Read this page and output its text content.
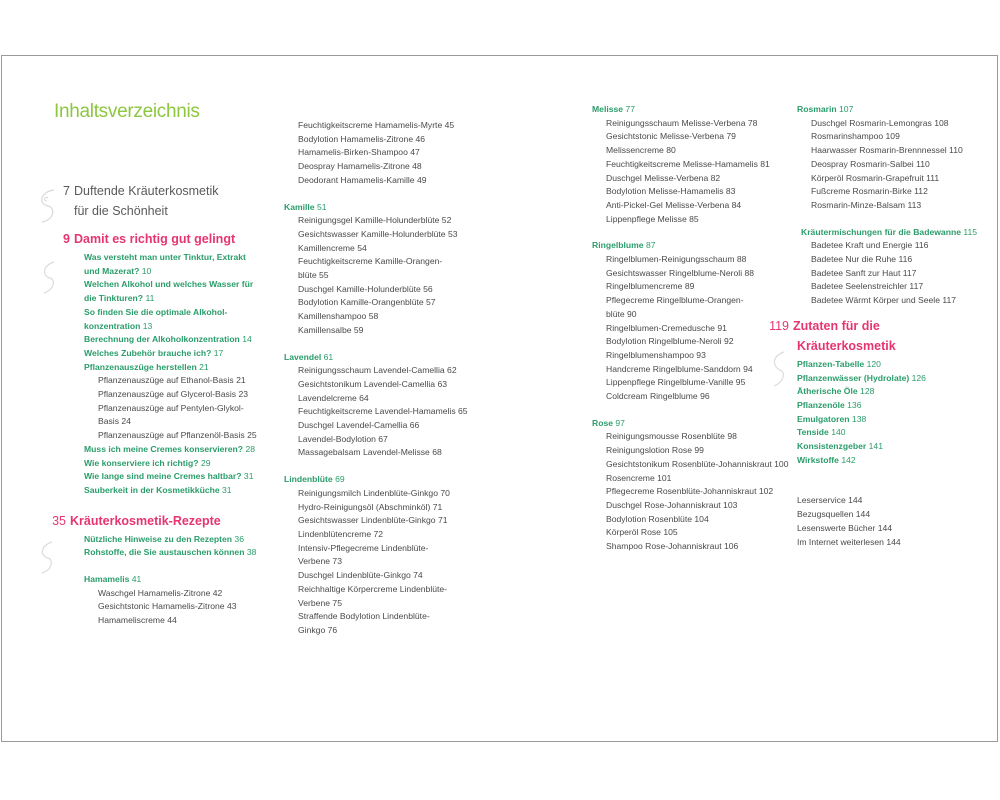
Inhaltsverzeichnis
7 Duftende Kräuterkosmetik
für die Schönheit
9 Damit es richtig gut gelingt
Was versteht man unter Tinktur, Extrakt
und Mazerat? 10
Welchen Alkohol und welches Wasser für
die Tinkturen? 11
So finden Sie die optimale Alkohol-
konzentration 13
Berechnung der Alkoholkonzentration 14
Welches Zubehör brauche ich? 17
Pflanzenauszüge herstellen 21
Pflanzenauszüge auf Ethanol-Basis 21
Pflanzenauszüge auf Glycerol-Basis 23
Pflanzenauszüge auf Pentylen-Glykol-
Basis 24
Pflanzenauszüge auf Pflanzenöl-Basis 25
Muss ich meine Cremes konservieren? 28
Wie konserviere ich richtig? 29
Wie lange sind meine Cremes haltbar? 31
Sauberkeit in der Kosmetikküche 31
35 Kräuterkosmetik-Rezepte
Nützliche Hinweise zu den Rezepten 36
Rohstoffe, die Sie austauschen können 38
Hamamelis 41
Waschgel Hamamelis-Zitrone 42
Gesichtstonic Hamamelis-Zitrone 43
Hamameliscreme 44
Feuchtigkeitscreme Hamamelis-Myrte 45
Bodylotion Hamamelis-Zitrone 46
Hamamelis-Birken-Shampoo 47
Deospray Hamamelis-Zitrone 48
Deodorant Hamamelis-Kamille 49
Kamille 51
Reinigungsgel Kamille-Holunderblüte 52
Gesichtswasser Kamille-Holunderblüte 53
Kamillencreme 54
Feuchtigkeitscreme Kamille-Orangen-
blüte 55
Duschgel Kamille-Holunderblüte 56
Bodylotion Kamille-Orangenblüte 57
Kamillenshampoo 58
Kamillensalbe 59
Lavendel 61
Reinigungsschaum Lavendel-Camellia 62
Gesichtstonikum Lavendel-Camellia 63
Lavendelcreme 64
Feuchtigkeitscreme Lavendel-Hamamelis 65
Duschgel Lavendel-Camellia 66
Lavendel-Bodylotion 67
Massagebalsam Lavendel-Melisse 68
Lindenblüte 69
Reinigungsmilch Lindenblüte-Ginkgo 70
Hydro-Reinigungsöl (Abschminköl) 71
Gesichtswasser Lindenblüte-Ginkgo 71
Lindenblütencreme 72
Intensiv-Pflegecreme Lindenblüte-
Verbene 73
Duschgel Lindenblüte-Ginkgo 74
Reichhaltige Körpercreme Lindenblüte-
Verbene 75
Straffende Bodylotion Lindenblüte-
Ginkgo 76
Melisse 77
Reinigungsschaum Melisse-Verbena 78
Gesichtstonic Melisse-Verbena 79
Melissencreme 80
Feuchtigkeitscreme Melisse-Hamamelis 81
Duschgel Melisse-Verbena 82
Bodylotion Melisse-Hamamelis 83
Anti-Pickel-Gel Melisse-Verbena 84
Lippenpflege Melisse 85
Ringelblume 87
Ringelblumen-Reinigungsschaum 88
Gesichtswasser Ringelblume-Neroli 88
Ringelblumencreme 89
Pflegecreme Ringelblume-Orangen-
blüte 90
Ringelblumen-Cremedusche 91
Bodylotion Ringelblume-Neroli 92
Ringelblumenshampoo 93
Handcreme Ringelblume-Sanddorn 94
Lippenpflege Ringelblume-Vanille 95
Coldcream Ringelblume 96
Rose 97
Reinigungsmousse Rosenblüte 98
Reinigungslotion Rose 99
Gesichtstonikum Rosenblüte-Johanniskraut 100
Rosencreme 101
Pflegecreme Rosenblüte-Johanniskraut 102
Duschgel Rose-Johanniskraut 103
Bodylotion Rosenblüte 104
Körperöl Rose 105
Shampoo Rose-Johanniskraut 106
Rosmarin 107
Duschgel Rosmarin-Lemongras 108
Rosmarinshampoo 109
Haarwasser Rosmarin-Brennnessel 110
Deospray Rosmarin-Salbei 110
Körperöl Rosmarin-Grapefruit 111
Fußcreme Rosmarin-Birke 112
Rosmarin-Minze-Balsam 113
Kräutermischungen für die Badewanne 115
Badetee Kraft und Energie 116
Badetee Nur die Ruhe 116
Badetee Sanft zur Haut 117
Badetee Seelenstreichler 117
Badetee Wärmt Körper und Seele 117
119 Zutaten für die
Kräuterkosmetik
Pflanzen-Tabelle 120
Pflanzenwässer (Hydrolate) 126
Ätherische Öle 128
Pflanzenöle 136
Emulgatoren 138
Tenside 140
Konsistenzgeber 141
Wirkstoffe 142
Leserservice 144
Bezugsquellen 144
Lesenswerte Bücher 144
Im Internet weiterlesen 144
